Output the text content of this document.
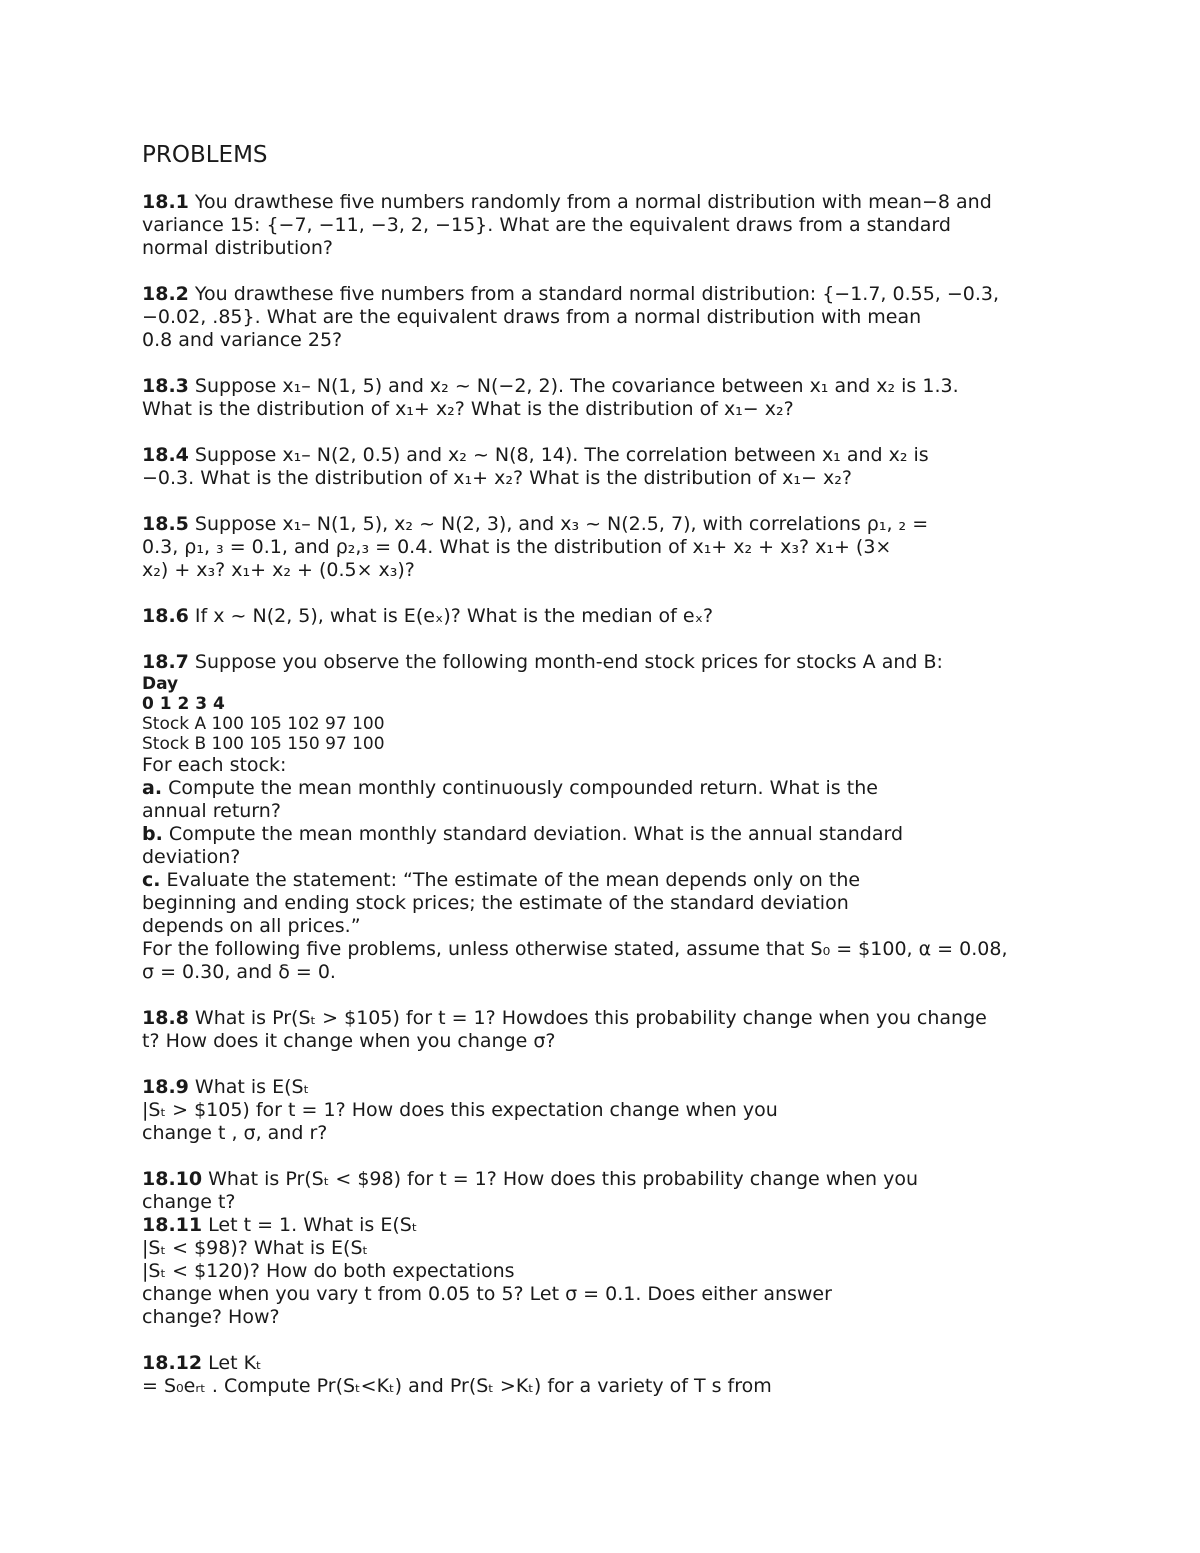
PROBLEMS
18.1 You drawthese five numbers randomly from a normal distribution with mean−8 and
variance 15: {−7, −11, −3, 2, −15}. What are the equivalent draws from a standard
normal distribution?
18.2 You drawthese five numbers from a standard normal distribution: {−1.7, 0.55, −0.3,
−0.02, .85}. What are the equivalent draws from a normal distribution with mean
0.8 and variance 25?
18.3 Suppose x₁– N(1, 5) and x₂ ~ N(−2, 2). The covariance between x₁ and x₂ is 1.3.
What is the distribution of x₁+ x₂? What is the distribution of x₁− x₂?
18.4 Suppose x₁– N(2, 0.5) and x₂ ~ N(8, 14). The correlation between x₁ and x₂ is
−0.3. What is the distribution of x₁+ x₂? What is the distribution of x₁− x₂?
18.5 Suppose x₁– N(1, 5), x₂ ~ N(2, 3), and x₃ ~ N(2.5, 7), with correlations ρ₁, ₂ =
0.3, ρ₁, ₃ = 0.1, and ρ₂,₃ = 0.4. What is the distribution of x₁+ x₂ + x₃? x₁+ (3×
x₂) + x₃? x₁+ x₂ + (0.5× x₃)?
18.6 If x ~ N(2, 5), what is E(eₓ)? What is the median of eₓ?
18.7 Suppose you observe the following month-end stock prices for stocks A and B:
Day
0 1 2 3 4
Stock A 100 105 102 97 100
Stock B 100 105 150 97 100
For each stock:
a. Compute the mean monthly continuously compounded return. What is the
annual return?
b. Compute the mean monthly standard deviation. What is the annual standard
deviation?
c. Evaluate the statement: “The estimate of the mean depends only on the
beginning and ending stock prices; the estimate of the standard deviation
depends on all prices.”
For the following five problems, unless otherwise stated, assume that S₀ = $100, α = 0.08,
σ = 0.30, and δ = 0.
18.8 What is Pr(Sₜ > $105) for t = 1? Howdoes this probability change when you change
t? How does it change when you change σ?
18.9 What is E(Sₜ
|Sₜ > $105) for t = 1? How does this expectation change when you
change t , σ, and r?
18.10 What is Pr(Sₜ < $98) for t = 1? How does this probability change when you
change t?
18.11 Let t = 1. What is E(Sₜ
|Sₜ < $98)? What is E(Sₜ
|Sₜ < $120)? How do both expectations
change when you vary t from 0.05 to 5? Let σ = 0.1. Does either answer
change? How?
18.12 Let Kₜ
= S₀eᵣₜ . Compute Pr(Sₜ<Kₜ) and Pr(Sₜ >Kₜ) for a variety of T s from
